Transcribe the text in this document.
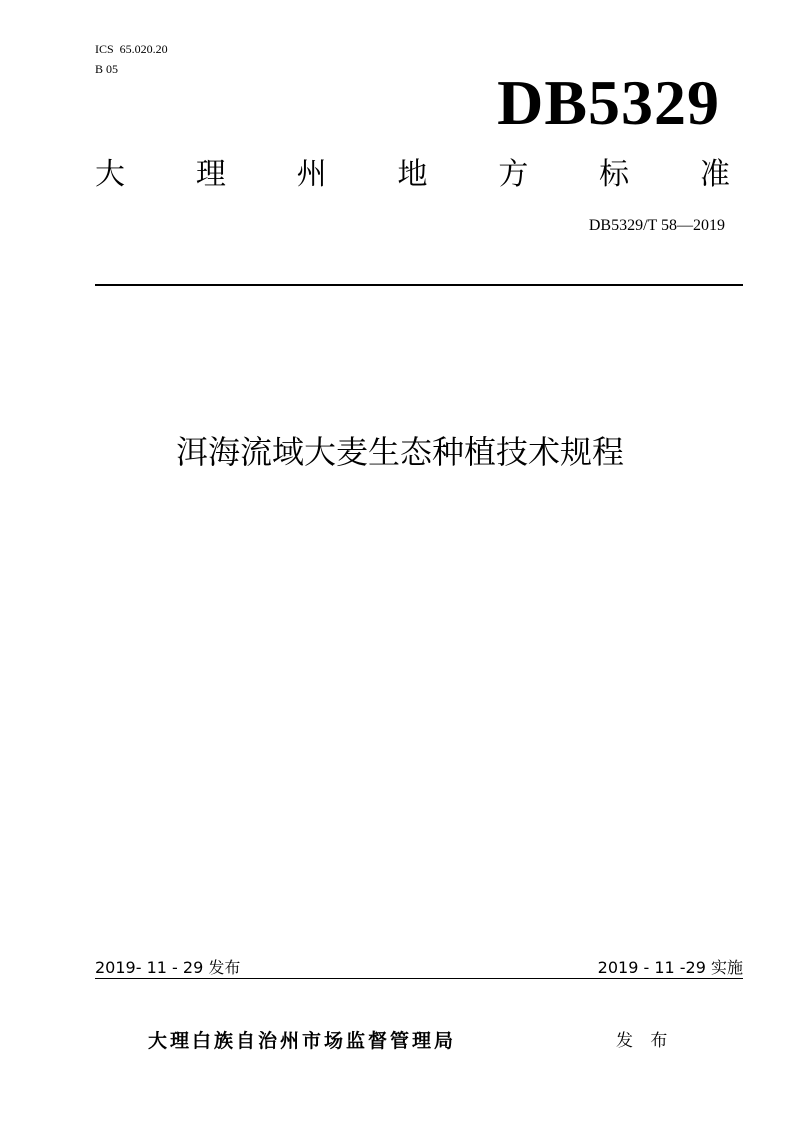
ICS  65.020.20
B 05	DB5329
大 理 州 地 方 标 准
DB5329/T 58—2019
洱海流域大麦生态种植技术规程
2019- 11 - 29 发布	2019 - 11 -29 实施
大理白族自治州市场监督管理局	发 布
